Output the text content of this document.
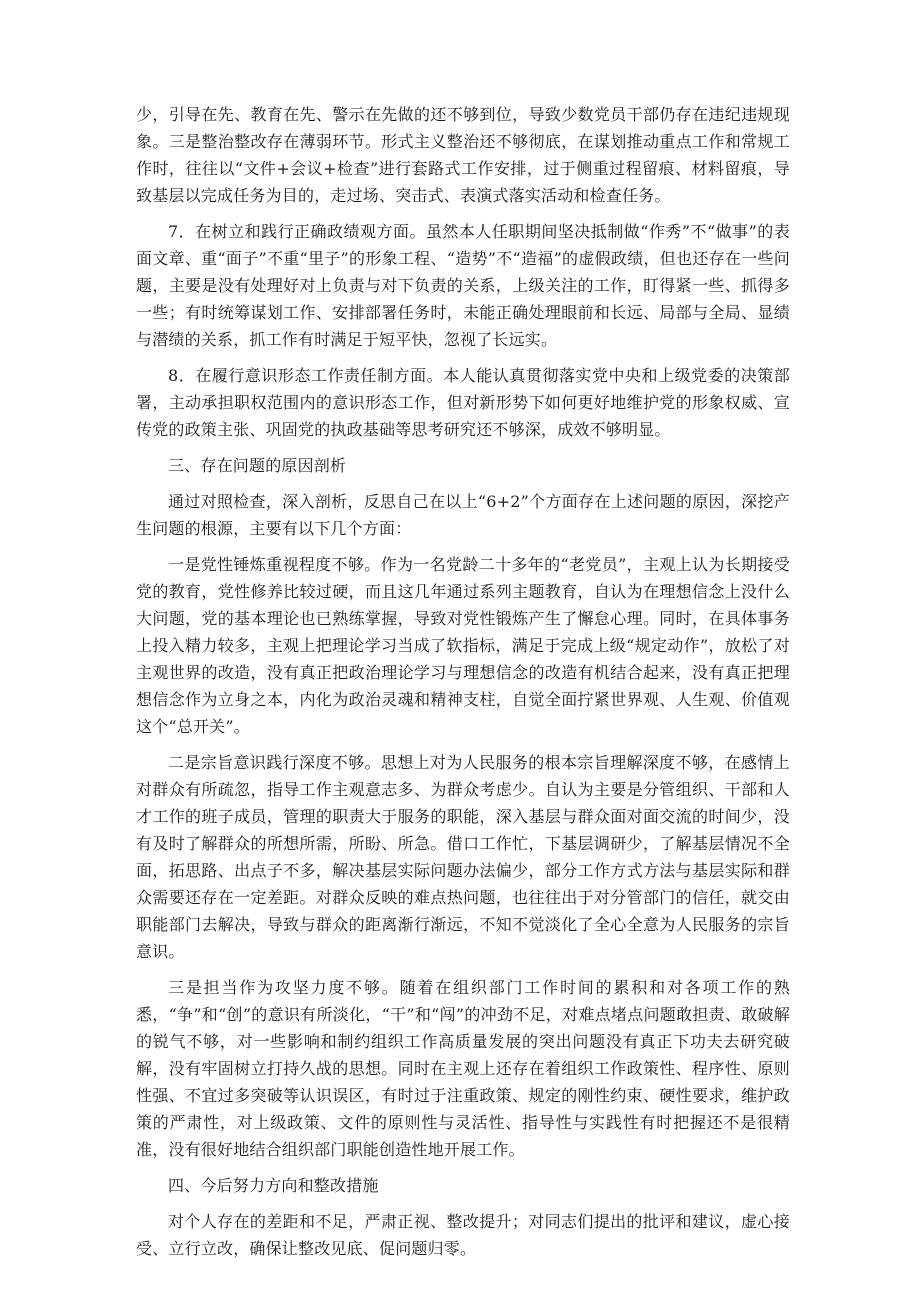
少，引导在先、教育在先、警示在先做的还不够到位，导致少数党员干部仍存在违纪违规现象。三是整治整改存在薄弱环节。形式主义整治还不够彻底，在谋划推动重点工作和常规工作时，往往以“文件+会议+检查”进行套路式工作安排，过于侧重过程留痕、材料留痕，导致基层以完成任务为目的，走过场、突击式、表演式落实活动和检查任务。

7．在树立和践行正确政绩观方面。虽然本人任职期间坚决抵制做“作秀”不“做事”的表面文章、重“面子”不重“里子”的形象工程、“造势”不“造福”的虚假政绩，但也还存在一些问题，主要是没有处理好对上负责与对下负责的关系，上级关注的工作，盯得紧一些、抓得多一些；有时统筹谋划工作、安排部署任务时，未能正确处理眼前和长远、局部与全局、显绩与潜绩的关系，抓工作有时满足于短平快，忽视了长远实。

8．在履行意识形态工作责任制方面。本人能认真贯彻落实党中央和上级党委的决策部署，主动承担职权范围内的意识形态工作，但对新形势下如何更好地维护党的形象权威、宣传党的政策主张、巩固党的执政基础等思考研究还不够深，成效不够明显。

三、存在问题的原因剖析

通过对照检查，深入剖析，反思自己在以上“6+2”个方面存在上述问题的原因，深挖产生问题的根源，主要有以下几个方面：

一是党性锤炼重视程度不够。作为一名党龄二十多年的“老党员”，主观上认为长期接受党的教育，党性修养比较过硬，而且这几年通过系列主题教育，自认为在理想信念上没什么大问题，党的基本理论也已熟练掌握，导致对党性锻炼产生了懈怠心理。同时，在具体事务上投入精力较多，主观上把理论学习当成了软指标，满足于完成上级“规定动作”，放松了对主观世界的改造，没有真正把政治理论学习与理想信念的改造有机结合起来，没有真正把理想信念作为立身之本，内化为政治灵魂和精神支柱，自觉全面拧紧世界观、人生观、价值观这个“总开关”。

二是宗旨意识践行深度不够。思想上对为人民服务的根本宗旨理解深度不够，在感情上对群众有所疏忽，指导工作主观意志多、为群众考虑少。自认为主要是分管组织、干部和人才工作的班子成员，管理的职责大于服务的职能，深入基层与群众面对面交流的时间少，没有及时了解群众的所想所需，所盼、所急。借口工作忙，下基层调研少，了解基层情况不全面，拓思路、出点子不多，解决基层实际问题办法偏少，部分工作方式方法与基层实际和群众需要还存在一定差距。对群众反映的难点热问题，也往往出于对分管部门的信任，就交由职能部门去解决，导致与群众的距离渐行渐远，不知不觉淡化了全心全意为人民服务的宗旨意识。

三是担当作为攻坚力度不够。随着在组织部门工作时间的累积和对各项工作的熟悉，“争”和“创”的意识有所淡化，“干”和“闯”的冲劲不足，对难点堵点问题敢担责、敢破解的锐气不够，对一些影响和制约组织工作高质量发展的突出问题没有真正下功夫去研究破解，没有牢固树立打持久战的思想。同时在主观上还存在着组织工作政策性、程序性、原则性强、不宜过多突破等认识误区，有时过于注重政策、规定的刚性约束、硬性要求，维护政策的严肃性，对上级政策、文件的原则性与灵活性、指导性与实践性有时把握还不是很精准，没有很好地结合组织部门职能创造性地开展工作。

四、今后努力方向和整改措施

对个人存在的差距和不足，严肃正视、整改提升；对同志们提出的批评和建议，虚心接受、立行立改，确保让整改见底、促问题归零。
